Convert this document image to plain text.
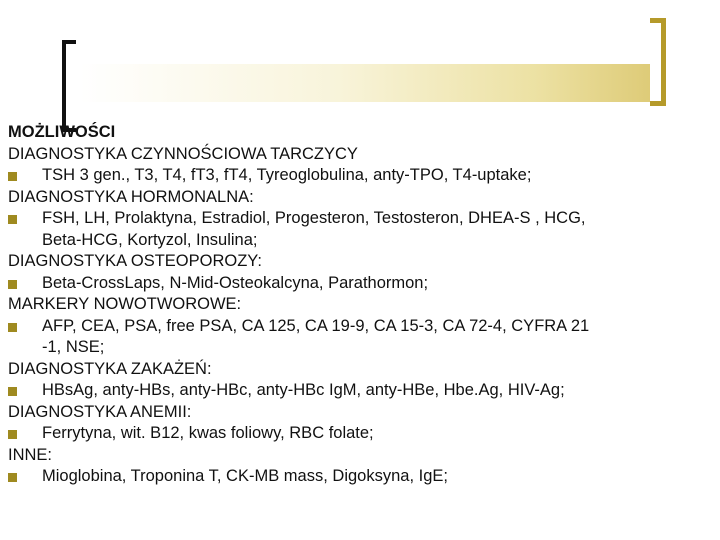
MOŻLIWOŚCI
DIAGNOSTYKA CZYNNOŚCIOWA TARCZYCY
TSH 3 gen., T3, T4, fT3, fT4, Tyreoglobulina, anty-TPO, T4-uptake;
DIAGNOSTYKA HORMONALNA:
FSH, LH, Prolaktyna, Estradiol, Progesteron, Testosteron, DHEA-S , HCG,
Beta-HCG, Kortyzol, Insulina;
DIAGNOSTYKA OSTEOPOROZY:
Beta-CrossLaps, N-Mid-Osteokalcyna, Parathormon;
MARKERY NOWOTWOROWE:
AFP, CEA, PSA, free PSA, CA 125, CA 19-9, CA 15-3, CA 72-4, CYFRA 21
-1, NSE;
DIAGNOSTYKA ZAKAŻEŃ:
HBsAg, anty-HBs, anty-HBc, anty-HBc IgM, anty-HBe, Hbe.Ag, HIV-Ag;
DIAGNOSTYKA ANEMII:
Ferrytyna, wit. B12, kwas foliowy, RBC folate;
INNE:
Mioglobina, Troponina T, CK-MB mass, Digoksyna, IgE;
